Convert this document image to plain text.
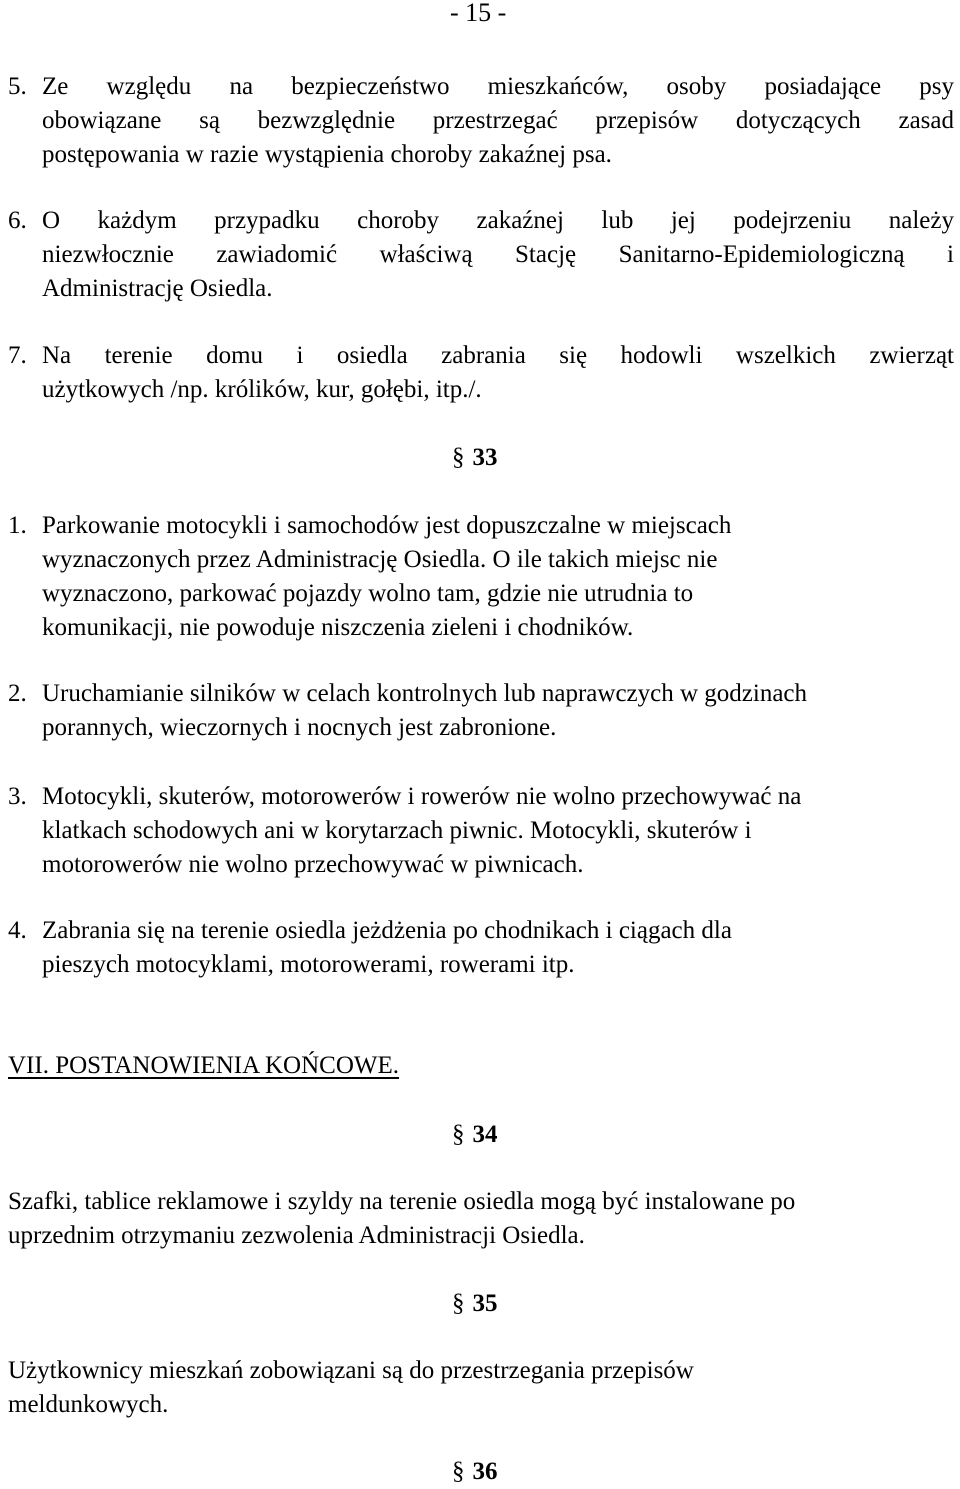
- 15 -
5. Ze względu na bezpieczeństwo mieszkańców, osoby posiadające psy
obowiązane są bezwzględnie przestrzegać przepisów dotyczących zasad
postępowania w razie wystąpienia choroby zakaźnej psa.
6. O każdym przypadku choroby zakaźnej lub jej podejrzeniu należy
niezwłocznie zawiadomić właściwą Stację Sanitarno-Epidemiologiczną i
Administrację Osiedla.
7. Na terenie domu i osiedla zabrania się hodowli wszelkich zwierząt
użytkowych /np. królików, kur, gołębi, itp./.
§ 33
1. Parkowanie motocykli i samochodów jest dopuszczalne w miejscach
wyznaczonych przez Administrację Osiedla. O ile takich miejsc nie
wyznaczono, parkować pojazdy wolno tam, gdzie nie utrudnia to
komunikacji, nie powoduje niszczenia zieleni i chodników.
2. Uruchamianie silników w celach kontrolnych lub naprawczych w godzinach
porannych, wieczornych i nocnych jest zabronione.
3. Motocykli, skuterów, motorowerów i rowerów nie wolno przechowywać na
klatkach schodowych ani w korytarzach piwnic. Motocykli, skuterów i
motorowerów nie wolno przechowywać w piwnicach.
4. Zabrania się na terenie osiedla jeżdżenia po chodnikach i ciągach dla
pieszych motocyklami, motorowerami, rowerami itp.
VII. POSTANOWIENIA KOŃCOWE.
§ 34
Szafki, tablice reklamowe i szyldy na terenie osiedla mogą być instalowane po
uprzednim otrzymaniu zezwolenia Administracji Osiedla.
§ 35
Użytkownicy mieszkań zobowiązani są do przestrzegania przepisów
meldunkowych.
§ 36
